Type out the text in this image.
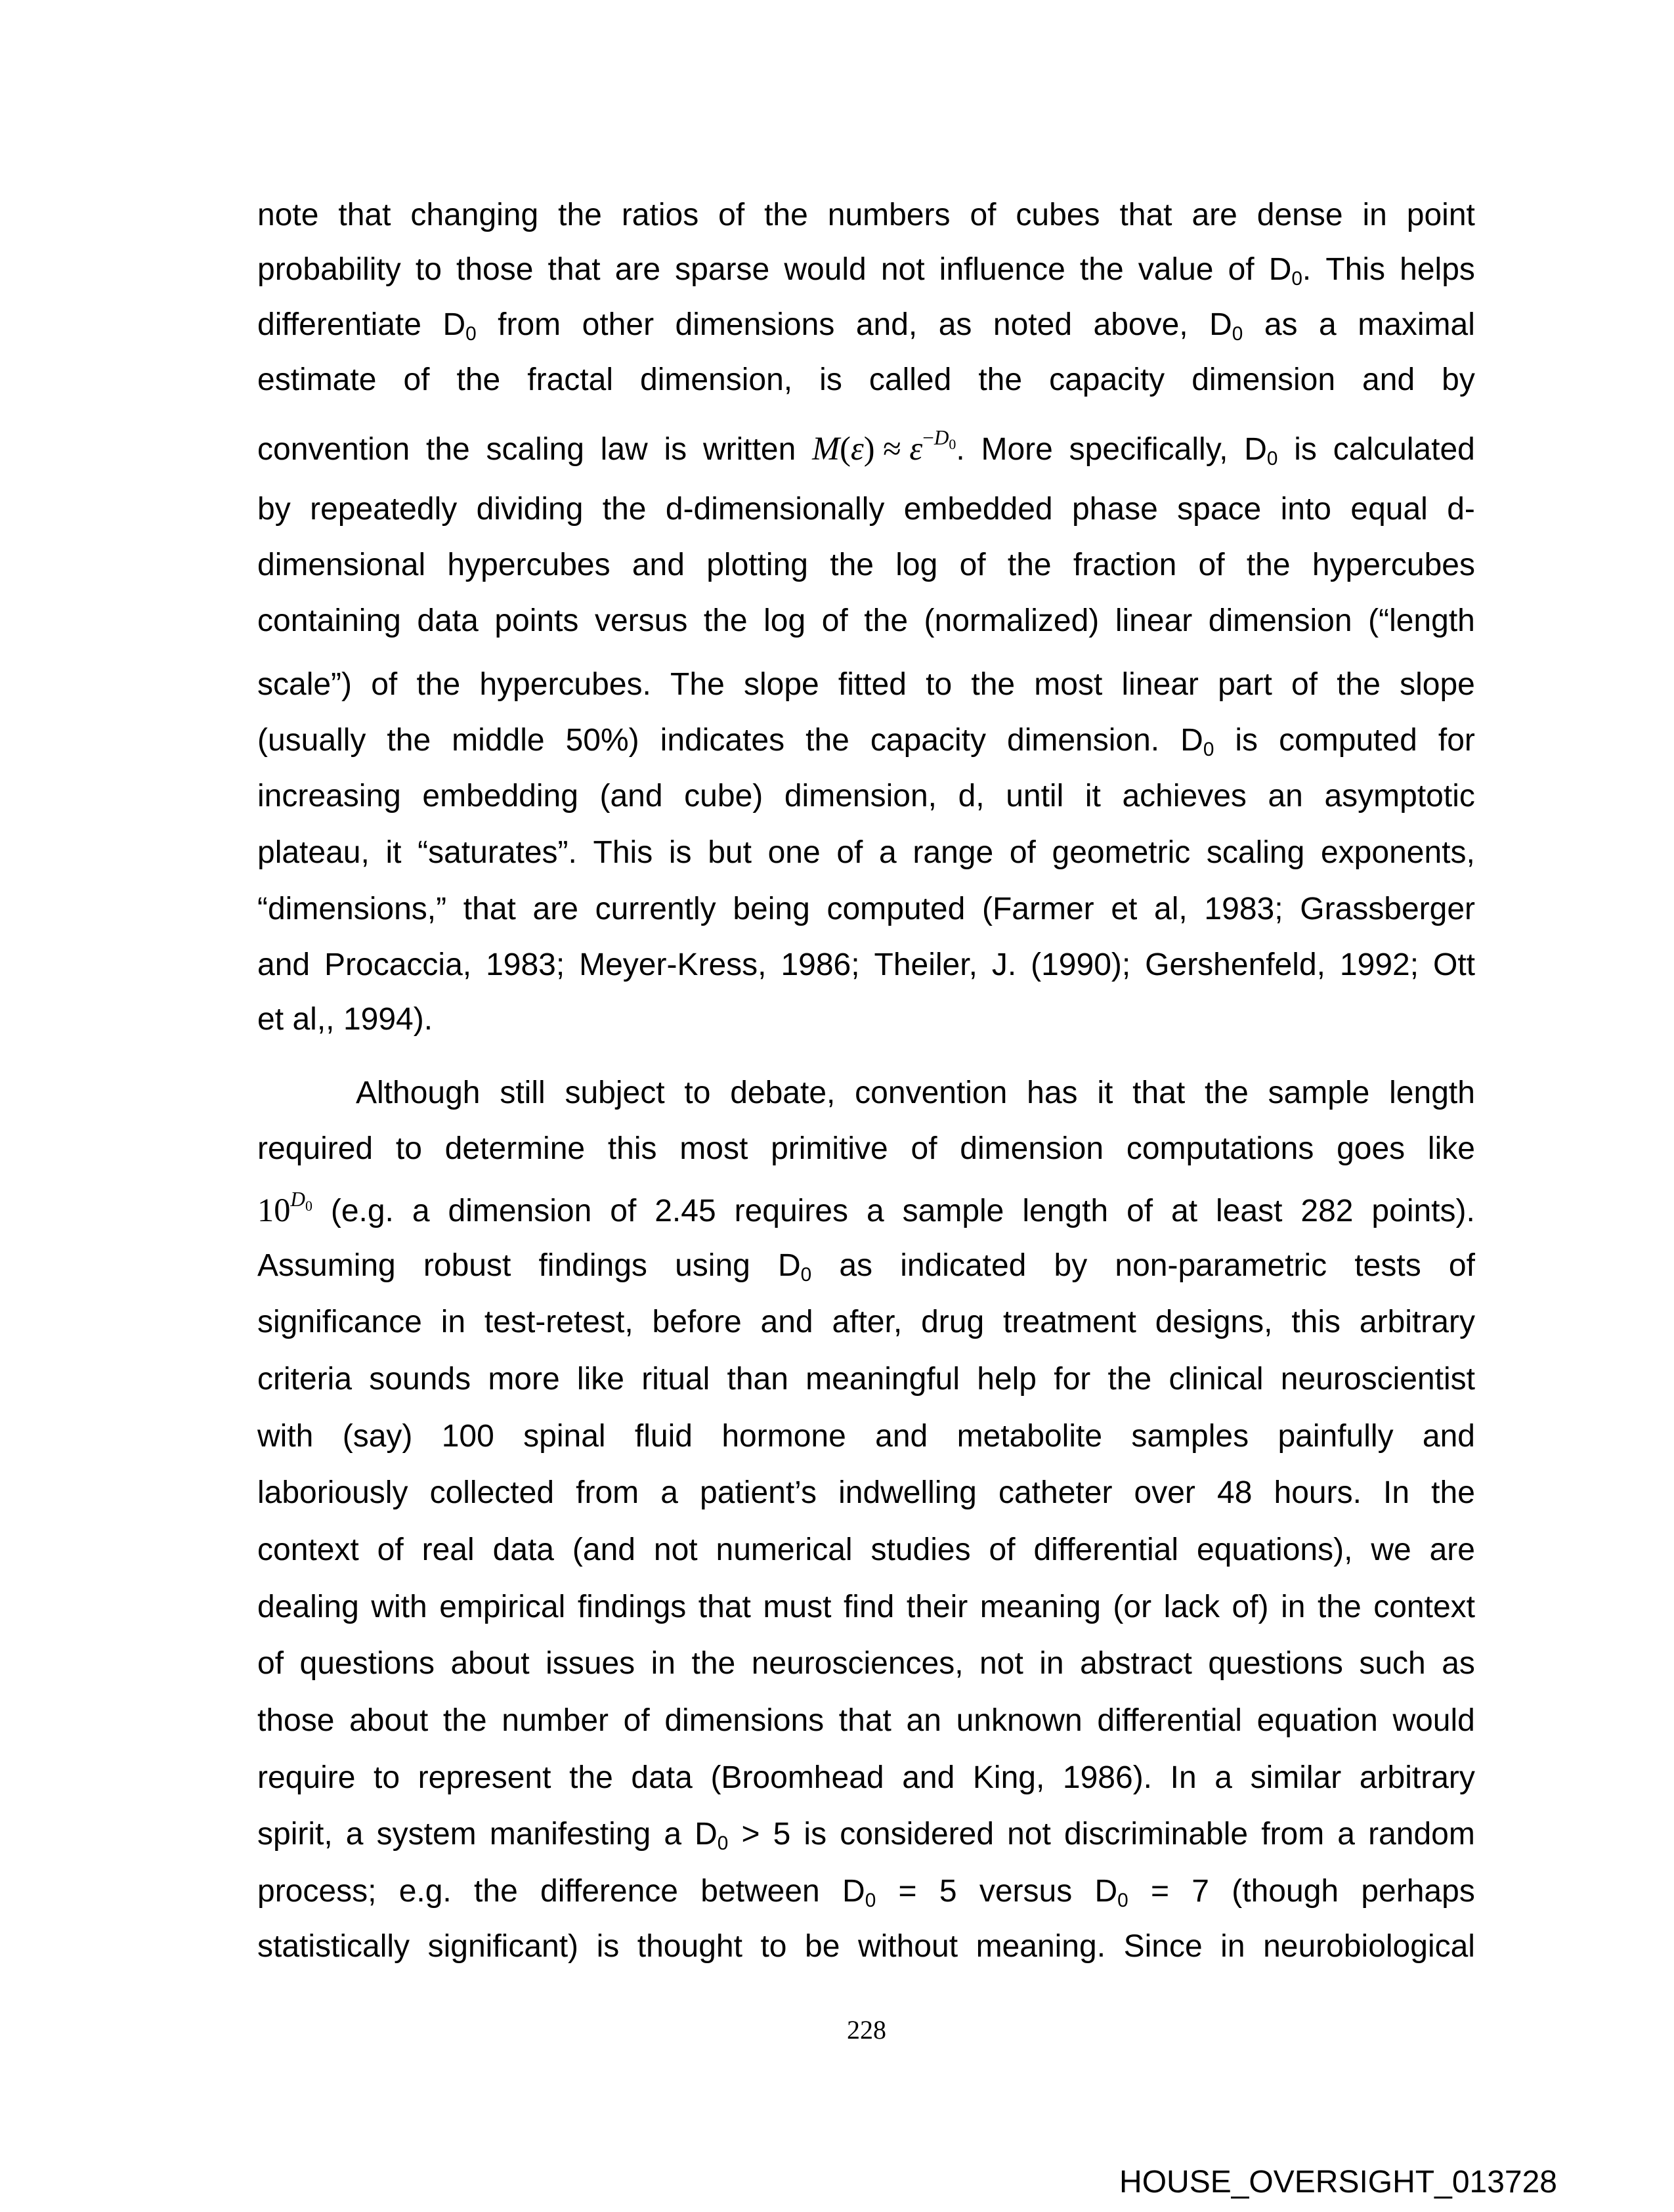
note that changing the ratios of the numbers of cubes that are dense in point
probability to those that are sparse would not influence the value of D0. This helps
differentiate D0 from other dimensions and, as noted above, D0 as a maximal
estimate of the fractal dimension, is called the capacity dimension and by
convention the scaling law is written $M(\varepsilon) \approx \varepsilon^{-D_0}$. More specifically, D0 is calculated
by repeatedly dividing the d-dimensionally embedded phase space into equal d-
dimensional hypercubes and plotting the log of the fraction of the hypercubes
containing data points versus the log of the (normalized) linear dimension (“length
scale”) of the hypercubes. The slope fitted to the most linear part of the slope
(usually the middle 50%) indicates the capacity dimension. D0 is computed for
increasing embedding (and cube) dimension, d, until it achieves an asymptotic
plateau, it “saturates”. This is but one of a range of geometric scaling exponents,
“dimensions,” that are currently being computed (Farmer et al, 1983; Grassberger
and Procaccia, 1983; Meyer-Kress, 1986; Theiler, J. (1990); Gershenfeld, 1992; Ott
et al,, 1994).
Although still subject to debate, convention has it that the sample length
required to determine this most primitive of dimension computations goes like
$10^{D_0}$ (e.g. a dimension of 2.45 requires a sample length of at least 282 points).
Assuming robust findings using D0 as indicated by non-parametric tests of
significance in test-retest, before and after, drug treatment designs, this arbitrary
criteria sounds more like ritual than meaningful help for the clinical neuroscientist
with (say) 100 spinal fluid hormone and metabolite samples painfully and
laboriously collected from a patient’s indwelling catheter over 48 hours. In the
context of real data (and not numerical studies of differential equations), we are
dealing with empirical findings that must find their meaning (or lack of) in the context
of questions about issues in the neurosciences, not in abstract questions such as
those about the number of dimensions that an unknown differential equation would
require to represent the data (Broomhead and King, 1986). In a similar arbitrary
spirit, a system manifesting a D0 > 5 is considered not discriminable from a random
process; e.g. the difference between D0 = 5 versus D0 = 7 (though perhaps
statistically significant) is thought to be without meaning. Since in neurobiological
228
HOUSE_OVERSIGHT_013728
